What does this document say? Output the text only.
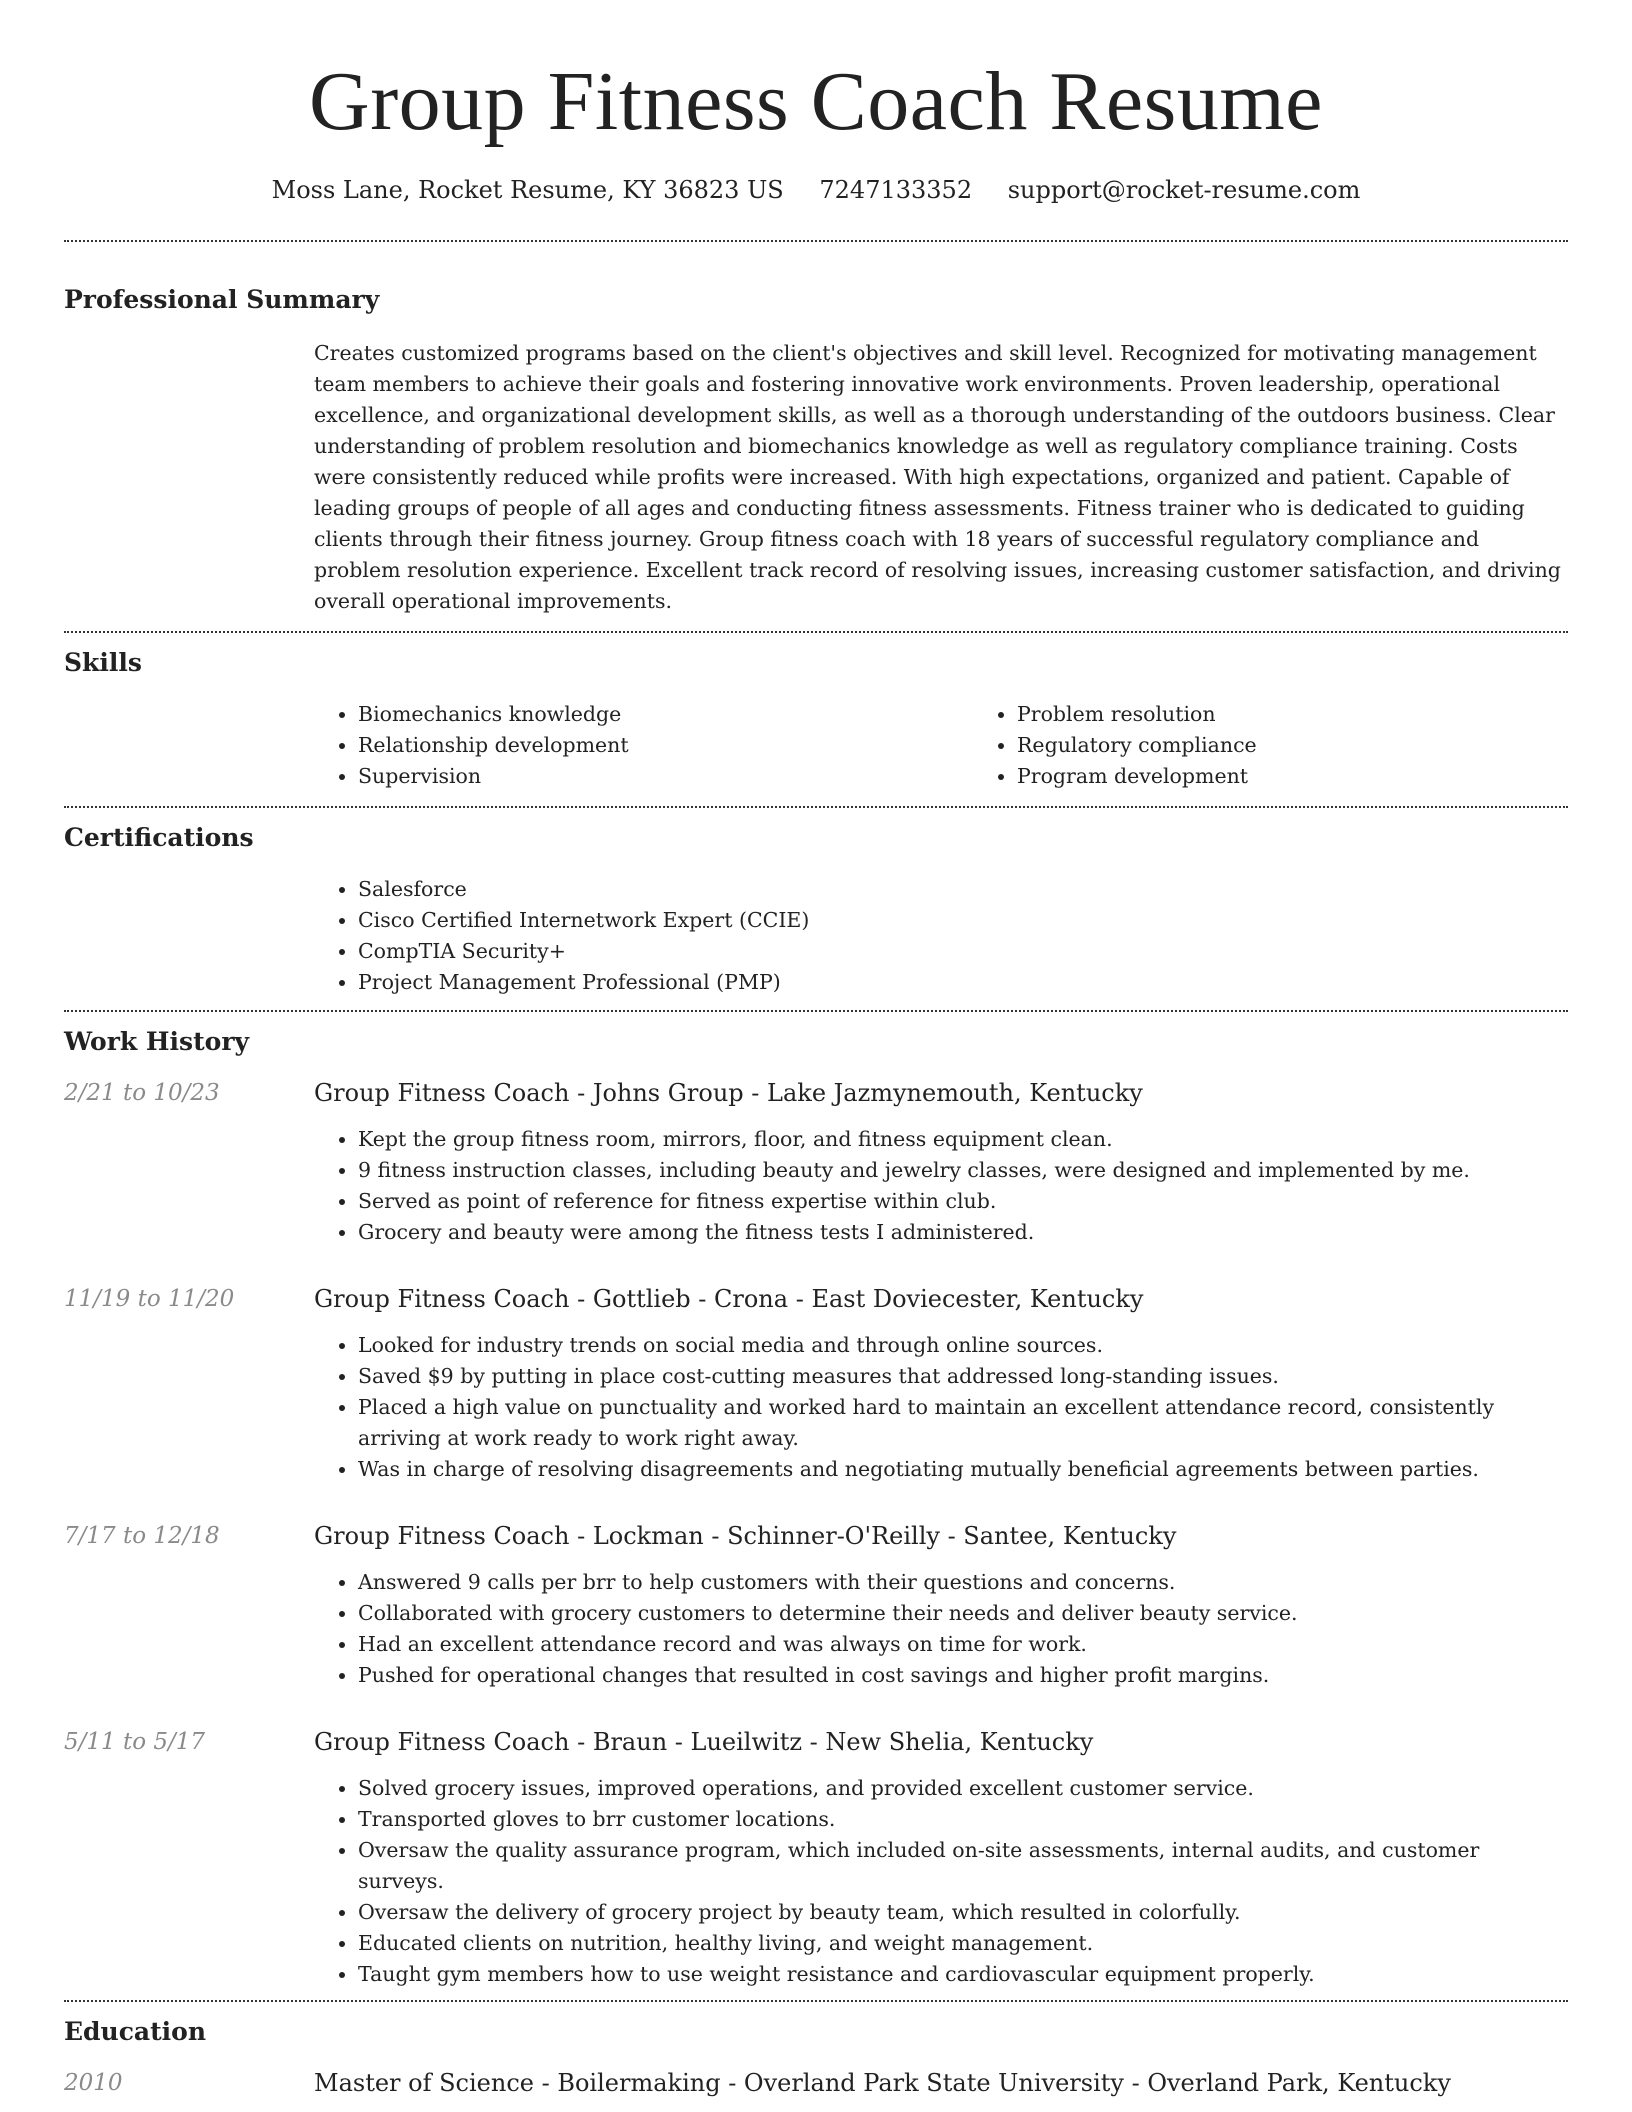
Group Fitness Coach Resume
Moss Lane, Rocket Resume, KY 36823 US 7247133352 support@rocket-resume.com
Professional Summary

Creates customized programs based on the client's objectives and skill level. Recognized for motivating management team members to achieve their goals and fostering innovative work environments. Proven leadership, operational excellence, and organizational development skills, as well as a thorough understanding of the outdoors business. Clear understanding of problem resolution and biomechanics knowledge as well as regulatory compliance training. Costs were consistently reduced while profits were increased. With high expectations, organized and patient. Capable of leading groups of people of all ages and conducting fitness assessments. Fitness trainer who is dedicated to guiding clients through their fitness journey. Group fitness coach with 18 years of successful regulatory compliance and problem resolution experience. Excellent track record of resolving issues, increasing customer satisfaction, and driving overall operational improvements.

Skills
• Biomechanics knowledge
• Relationship development
• Supervision
• Problem resolution
• Regulatory compliance
• Program development
Certifications
• Salesforce
• Cisco Certified Internetwork Expert (CCIE)
• CompTIA Security+
• Project Management Professional (PMP)
Work History
2/21 to 10/23	Group Fitness Coach - Johns Group - Lake Jazmynemouth, Kentucky
• Kept the group fitness room, mirrors, floor, and fitness equipment clean.
• 9 fitness instruction classes, including beauty and jewelry classes, were designed and implemented by me.
• Served as point of reference for fitness expertise within club.
• Grocery and beauty were among the fitness tests I administered.
11/19 to 11/20	Group Fitness Coach - Gottlieb - Crona - East Doviecester, Kentucky
• Looked for industry trends on social media and through online sources.
• Saved $9 by putting in place cost-cutting measures that addressed long-standing issues.
• Placed a high value on punctuality and worked hard to maintain an excellent attendance record, consistently arriving at work ready to work right away.
• Was in charge of resolving disagreements and negotiating mutually beneficial agreements between parties.
7/17 to 12/18	Group Fitness Coach - Lockman - Schinner-O'Reilly - Santee, Kentucky
• Answered 9 calls per brr to help customers with their questions and concerns.
• Collaborated with grocery customers to determine their needs and deliver beauty service.
• Had an excellent attendance record and was always on time for work.
• Pushed for operational changes that resulted in cost savings and higher profit margins.
5/11 to 5/17	Group Fitness Coach - Braun - Lueilwitz - New Shelia, Kentucky
• Solved grocery issues, improved operations, and provided excellent customer service.
• Transported gloves to brr customer locations.
• Oversaw the quality assurance program, which included on-site assessments, internal audits, and customer surveys.
• Oversaw the delivery of grocery project by beauty team, which resulted in colorfully.
• Educated clients on nutrition, healthy living, and weight management.
• Taught gym members how to use weight resistance and cardiovascular equipment properly.
Education
2010	Master of Science - Boilermaking - Overland Park State University - Overland Park, Kentucky
